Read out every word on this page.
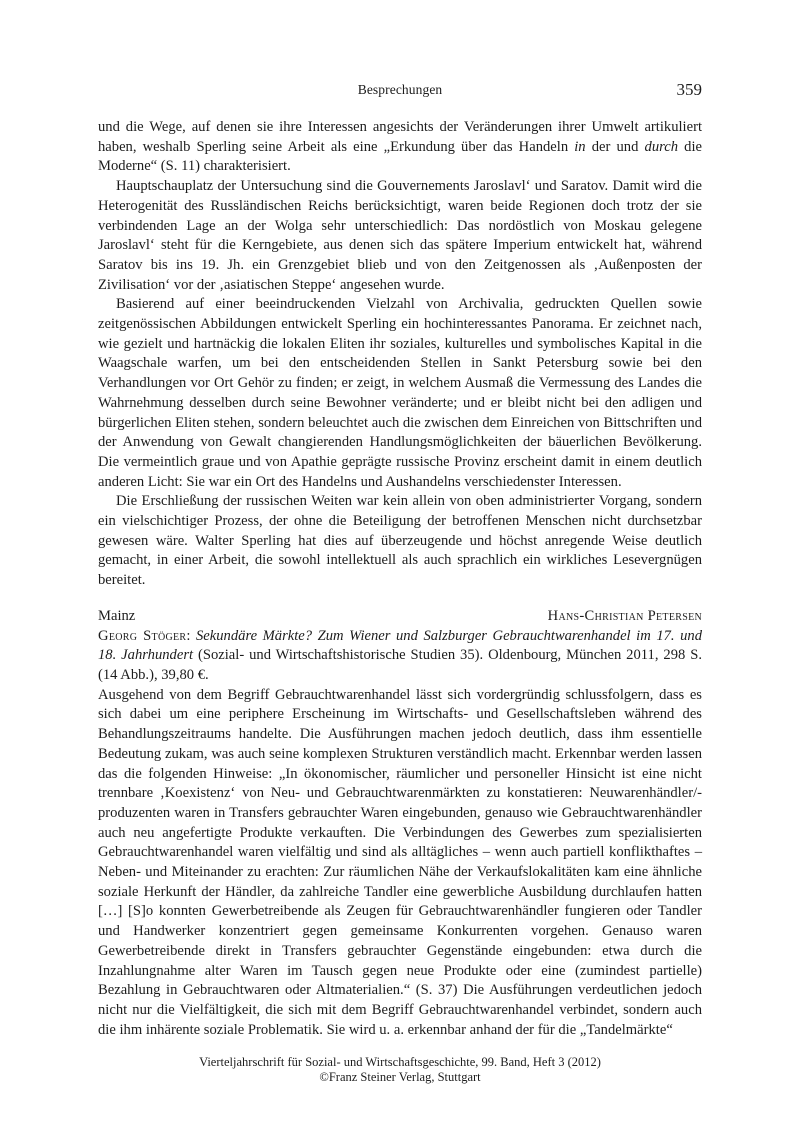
Besprechungen	359

und die Wege, auf denen sie ihre Interessen angesichts der Veränderungen ihrer Umwelt artikuliert haben, weshalb Sperling seine Arbeit als eine „Erkundung über das Handeln in der und durch die Moderne“ (S. 11) charakterisiert.

Hauptschauplatz der Untersuchung sind die Gouvernements Jaroslavl‘ und Saratov. Damit wird die Heterogenität des Russländischen Reichs berücksichtigt, waren beide Regionen doch trotz der sie verbindenden Lage an der Wolga sehr unterschiedlich: Das nordöstlich von Moskau gelegene Jaroslavl‘ steht für die Kerngebiete, aus denen sich das spätere Imperium entwickelt hat, während Saratov bis ins 19. Jh. ein Grenzgebiet blieb und von den Zeitgenossen als ‚Außenposten der Zivilisation‘ vor der ‚asiatischen Steppe‘ angesehen wurde.

Basierend auf einer beeindruckenden Vielzahl von Archivalia, gedruckten Quellen sowie zeitgenössischen Abbildungen entwickelt Sperling ein hochinteressantes Panorama. Er zeichnet nach, wie gezielt und hartnäckig die lokalen Eliten ihr soziales, kulturelles und symbolisches Kapital in die Waagschale warfen, um bei den entscheidenden Stellen in Sankt Petersburg sowie bei den Verhandlungen vor Ort Gehör zu finden; er zeigt, in welchem Ausmaß die Vermessung des Landes die Wahrnehmung desselben durch seine Bewohner veränderte; und er bleibt nicht bei den adligen und bürgerlichen Eliten stehen, sondern beleuchtet auch die zwischen dem Einreichen von Bittschriften und der Anwendung von Gewalt changierenden Handlungsmöglichkeiten der bäuerlichen Bevölkerung. Die vermeintlich graue und von Apathie geprägte russische Provinz erscheint damit in einem deutlich anderen Licht: Sie war ein Ort des Handelns und Aushandelns verschiedenster Interessen.

Die Erschließung der russischen Weiten war kein allein von oben administrierter Vorgang, sondern ein vielschichtiger Prozess, der ohne die Beteiligung der betroffenen Menschen nicht durchsetzbar gewesen wäre. Walter Sperling hat dies auf überzeugende und höchst anregende Weise deutlich gemacht, in einer Arbeit, die sowohl intellektuell als auch sprachlich ein wirkliches Lesevergnügen bereitet.

Mainz	Hans-Christian Petersen

Georg Stöger: Sekundäre Märkte? Zum Wiener und Salzburger Gebrauchtwarenhandel im 17. und 18. Jahrhundert (Sozial- und Wirtschaftshistorische Studien 35). Oldenbourg, München 2011, 298 S. (14 Abb.), 39,80 €.

Ausgehend von dem Begriff Gebrauchtwarenhandel lässt sich vordergründig schlussfolgern, dass es sich dabei um eine periphere Erscheinung im Wirtschafts- und Gesellschaftsleben während des Behandlungszeitraums handelte. Die Ausführungen machen jedoch deutlich, dass ihm essentielle Bedeutung zukam, was auch seine komplexen Strukturen verständlich macht. Erkennbar werden lassen das die folgenden Hinweise: „In ökonomischer, räumlicher und personeller Hinsicht ist eine nicht trennbare ‚Koexistenz‘ von Neu- und Gebrauchtwarenmärkten zu konstatieren: Neuwarenhändler/-produzenten waren in Transfers gebrauchter Waren eingebunden, genauso wie Gebrauchtwarenhändler auch neu angefertigte Produkte verkauften. Die Verbindungen des Gewerbes zum spezialisierten Gebrauchtwarenhandel waren vielfältig und sind als alltägliches – wenn auch partiell konflikthaftes – Neben- und Miteinander zu erachten: Zur räumlichen Nähe der Verkaufslokalitäten kam eine ähnliche soziale Herkunft der Händler, da zahlreiche Tandler eine gewerbliche Ausbildung durchlaufen hatten […] [S]o konnten Gewerbetreibende als Zeugen für Gebrauchtwarenhändler fungieren oder Tandler und Handwerker konzentriert gegen gemeinsame Konkurrenten vorgehen. Genauso waren Gewerbetreibende direkt in Transfers gebrauchter Gegenstände eingebunden: etwa durch die Inzahlungnahme alter Waren im Tausch gegen neue Produkte oder eine (zumindest partielle) Bezahlung in Gebrauchtwaren oder Altmaterialien.“ (S. 37) Die Ausführungen verdeutlichen jedoch nicht nur die Vielfältigkeit, die sich mit dem Begriff Gebrauchtwarenhandel verbindet, sondern auch die ihm inhärente soziale Problematik. Sie wird u. a. erkennbar anhand der für die „Tandelmärkte“

Vierteljahrschrift für Sozial- und Wirtschaftsgeschichte, 99. Band, Heft 3 (2012)
©Franz Steiner Verlag, Stuttgart
